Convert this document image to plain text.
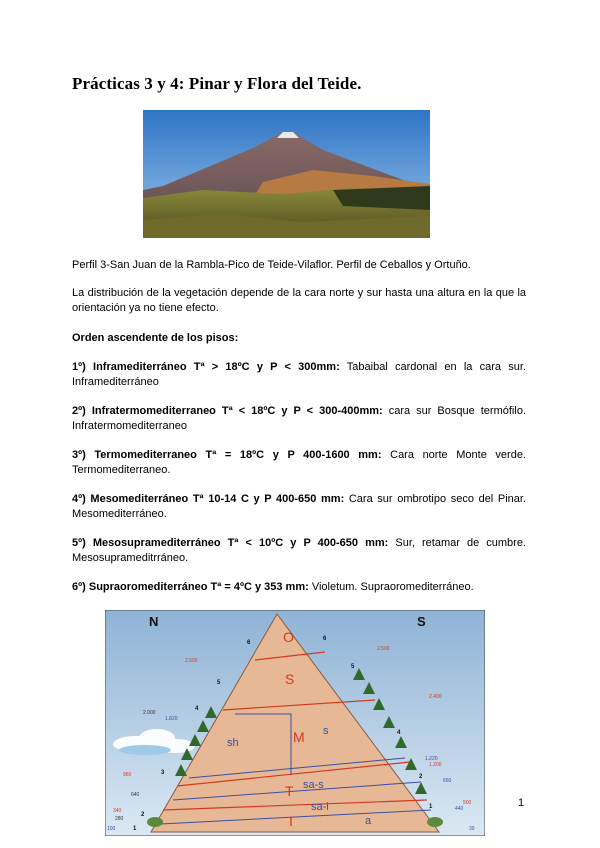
Prácticas 3 y 4: Pinar y Flora del Teide.
Perfil 3-San Juan de la Rambla-Pico de Teide-Vilaflor. Perfil de Ceballos y Ortuño.
La distribución de la vegetación depende de la cara norte y sur hasta una altura en la que la orientación ya no tiene efecto.
Orden ascendente de los pisos:
1º) Inframediterráneo Tª > 18ºC y P < 300mm: Tabaibal cardonal en la cara sur. Inframediterráneo
2º) Infratermomediterraneo Tª < 18ºC y P < 300-400mm: cara sur Bosque termófilo. Infratermomediterraneo
3º) Termomediterraneo Tª = 18ºC y P 400-1600 mm: Cara norte Monte verde. Termomediterraneo.
4º) Mesomediterráneo Tª 10-14 C y P 400-650 mm: Cara sur ombrotipo seco del Pinar. Mesomediterráneo.
5º) Mesosupramediterráneo Tª < 10ºC y P 400-650 mm: Sur, retamar de cumbre. Mesosuprameditrráneo.
6º) Supraoromediterráneo Tª = 4ºC y 353 mm: Violetum. Supraoromediterráneo.
N	S
O
S
M
T
I
sh
s
sa-s
sa-i
a
2.500
2.000
1.820
960
640
340
280
100
2.500
2.400
1.220
1.200
660
500
440
39
6
5
4
3
2
1
6
5
4
2
1	1
